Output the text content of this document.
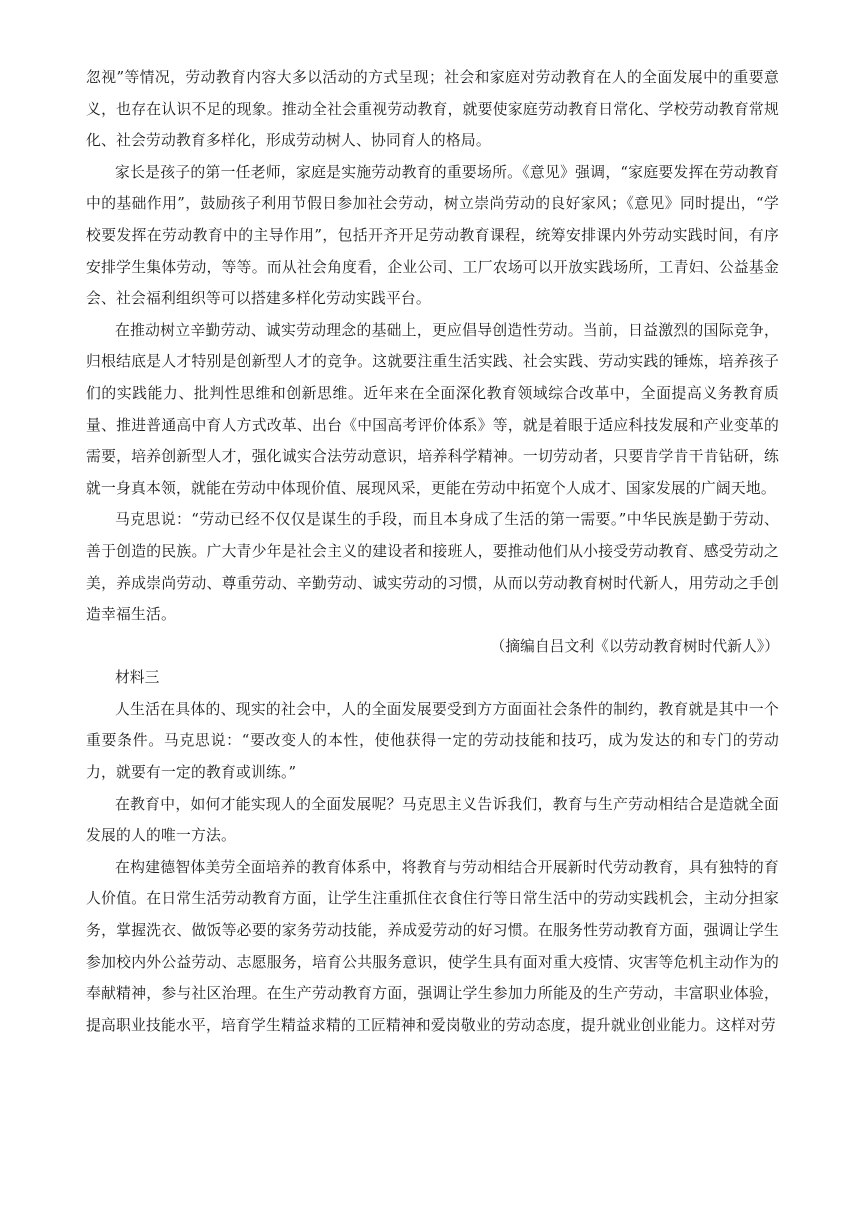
忽视”等情况，劳动教育内容大多以活动的方式呈现；社会和家庭对劳动教育在人的全面发展中的重要意义，也存在认识不足的现象。推动全社会重视劳动教育，就要使家庭劳动教育日常化、学校劳动教育常规化、社会劳动教育多样化，形成劳动树人、协同育人的格局。

家长是孩子的第一任老师，家庭是实施劳动教育的重要场所。《意见》强调，“家庭要发挥在劳动教育中的基础作用”，鼓励孩子利用节假日参加社会劳动，树立崇尚劳动的良好家风；《意见》同时提出，“学校要发挥在劳动教育中的主导作用”，包括开齐开足劳动教育课程，统筹安排课内外劳动实践时间，有序安排学生集体劳动，等等。而从社会角度看，企业公司、工厂农场可以开放实践场所，工青妇、公益基金会、社会福利组织等可以搭建多样化劳动实践平台。

在推动树立辛勤劳动、诚实劳动理念的基础上，更应倡导创造性劳动。当前，日益激烈的国际竞争，归根结底是人才特别是创新型人才的竞争。这就要注重生活实践、社会实践、劳动实践的锤炼，培养孩子们的实践能力、批判性思维和创新思维。近年来在全面深化教育领域综合改革中，全面提高义务教育质量、推进普通高中育人方式改革、出台《中国高考评价体系》等，就是着眼于适应科技发展和产业变革的需要，培养创新型人才，强化诚实合法劳动意识，培养科学精神。一切劳动者，只要肯学肯干肯钻研，练就一身真本领，就能在劳动中体现价值、展现风采，更能在劳动中拓宽个人成才、国家发展的广阔天地。

马克思说：“劳动已经不仅仅是谋生的手段，而且本身成了生活的第一需要。”中华民族是勤于劳动、善于创造的民族。广大青少年是社会主义的建设者和接班人，要推动他们从小接受劳动教育、感受劳动之美，养成崇尚劳动、尊重劳动、辛勤劳动、诚实劳动的习惯，从而以劳动教育树时代新人，用劳动之手创造幸福生活。

（摘编自吕文利《以劳动教育树时代新人》）

材料三

人生活在具体的、现实的社会中，人的全面发展要受到方方面面社会条件的制约，教育就是其中一个重要条件。马克思说：“要改变人的本性，使他获得一定的劳动技能和技巧，成为发达的和专门的劳动力，就要有一定的教育或训练。”

在教育中，如何才能实现人的全面发展呢？马克思主义告诉我们，教育与生产劳动相结合是造就全面发展的人的唯一方法。

在构建德智体美劳全面培养的教育体系中，将教育与劳动相结合开展新时代劳动教育，具有独特的育人价值。在日常生活劳动教育方面，让学生注重抓住衣食住行等日常生活中的劳动实践机会，主动分担家务，掌握洗衣、做饭等必要的家务劳动技能，养成爱劳动的好习惯。在服务性劳动教育方面，强调让学生参加校内外公益劳动、志愿服务，培育公共服务意识，使学生具有面对重大疫情、灾害等危机主动作为的奉献精神，参与社区治理。在生产劳动教育方面，强调让学生参加力所能及的生产劳动，丰富职业体验，提高职业技能水平，培育学生精益求精的工匠精神和爱岗敬业的劳动态度，提升就业创业能力。这样对劳
